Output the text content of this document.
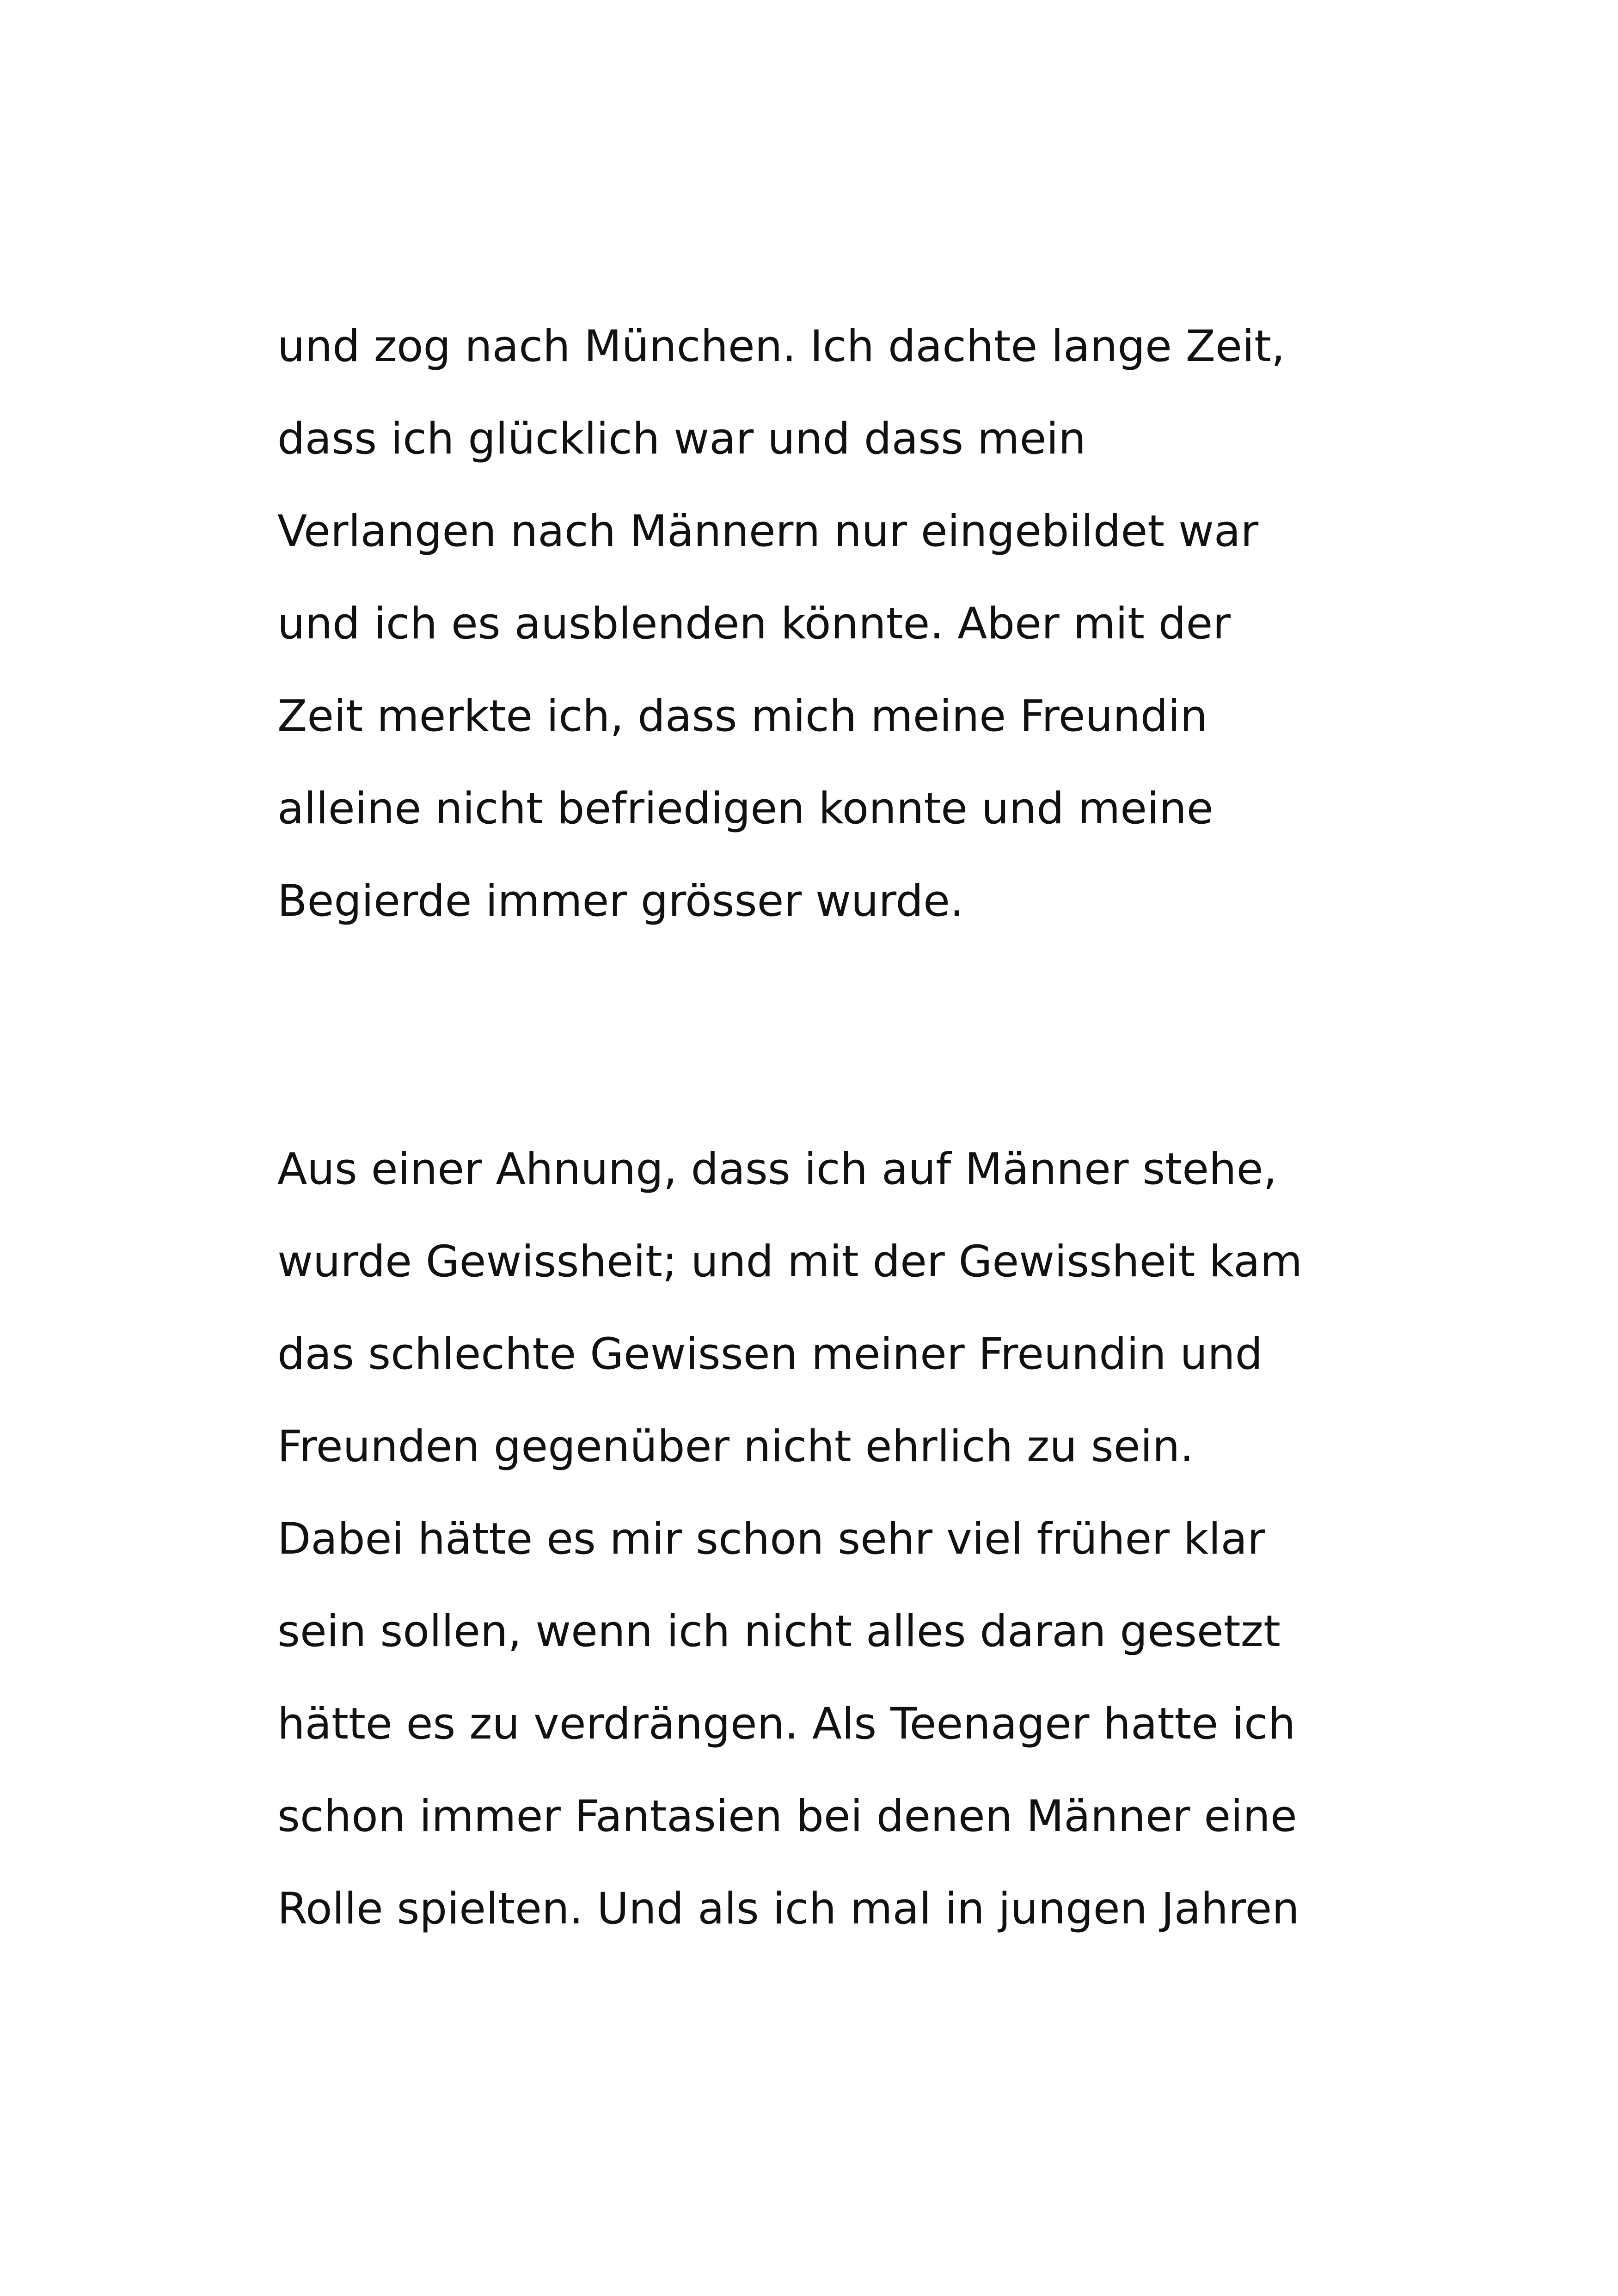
und zog nach München. Ich dachte lange Zeit,
dass ich glücklich war und dass mein
Verlangen nach Männern nur eingebildet war
und ich es ausblenden könnte. Aber mit der
Zeit merkte ich, dass mich meine Freundin
alleine nicht befriedigen konnte und meine
Begierde immer grösser wurde.
Aus einer Ahnung, dass ich auf Männer stehe,
wurde Gewissheit; und mit der Gewissheit kam
das schlechte Gewissen meiner Freundin und
Freunden gegenüber nicht ehrlich zu sein.
Dabei hätte es mir schon sehr viel früher klar
sein sollen, wenn ich nicht alles daran gesetzt
hätte es zu verdrängen. Als Teenager hatte ich
schon immer Fantasien bei denen Männer eine
Rolle spielten. Und als ich mal in jungen Jahren
